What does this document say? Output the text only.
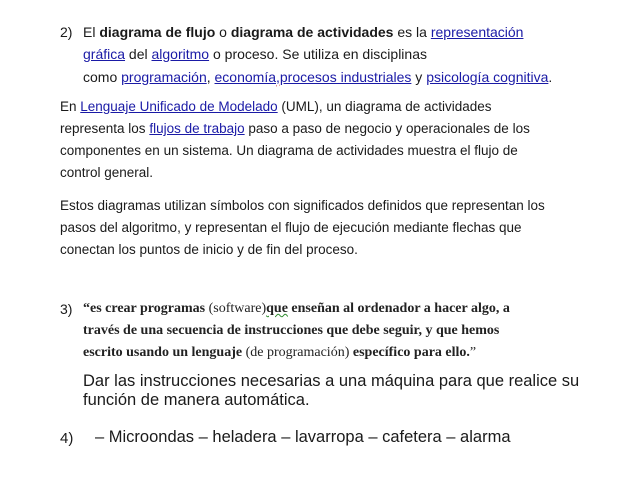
2) El diagrama de flujo o diagrama de actividades es la representación
gráfica del algoritmo o proceso. Se utiliza en disciplinas
como programación, economía,procesos industriales y psicología cognitiva.
En Lenguaje Unificado de Modelado (UML), un diagrama de actividades
representa los flujos de trabajo paso a paso de negocio y operacionales de los
componentes en un sistema. Un diagrama de actividades muestra el flujo de
control general.
Estos diagramas utilizan símbolos con significados definidos que representan los
pasos del algoritmo, y representan el flujo de ejecución mediante flechas que
conectan los puntos de inicio y de fin del proceso.
3) “es crear programas (software)que enseñan al ordenador a hacer algo, a
través de una secuencia de instrucciones que debe seguir, y que hemos
escrito usando un lenguaje (de programación) específico para ello.”
Dar las instrucciones necesarias a una máquina para que realice su
función de manera automática.
4) – Microondas – heladera – lavarropa – cafetera – alarma
